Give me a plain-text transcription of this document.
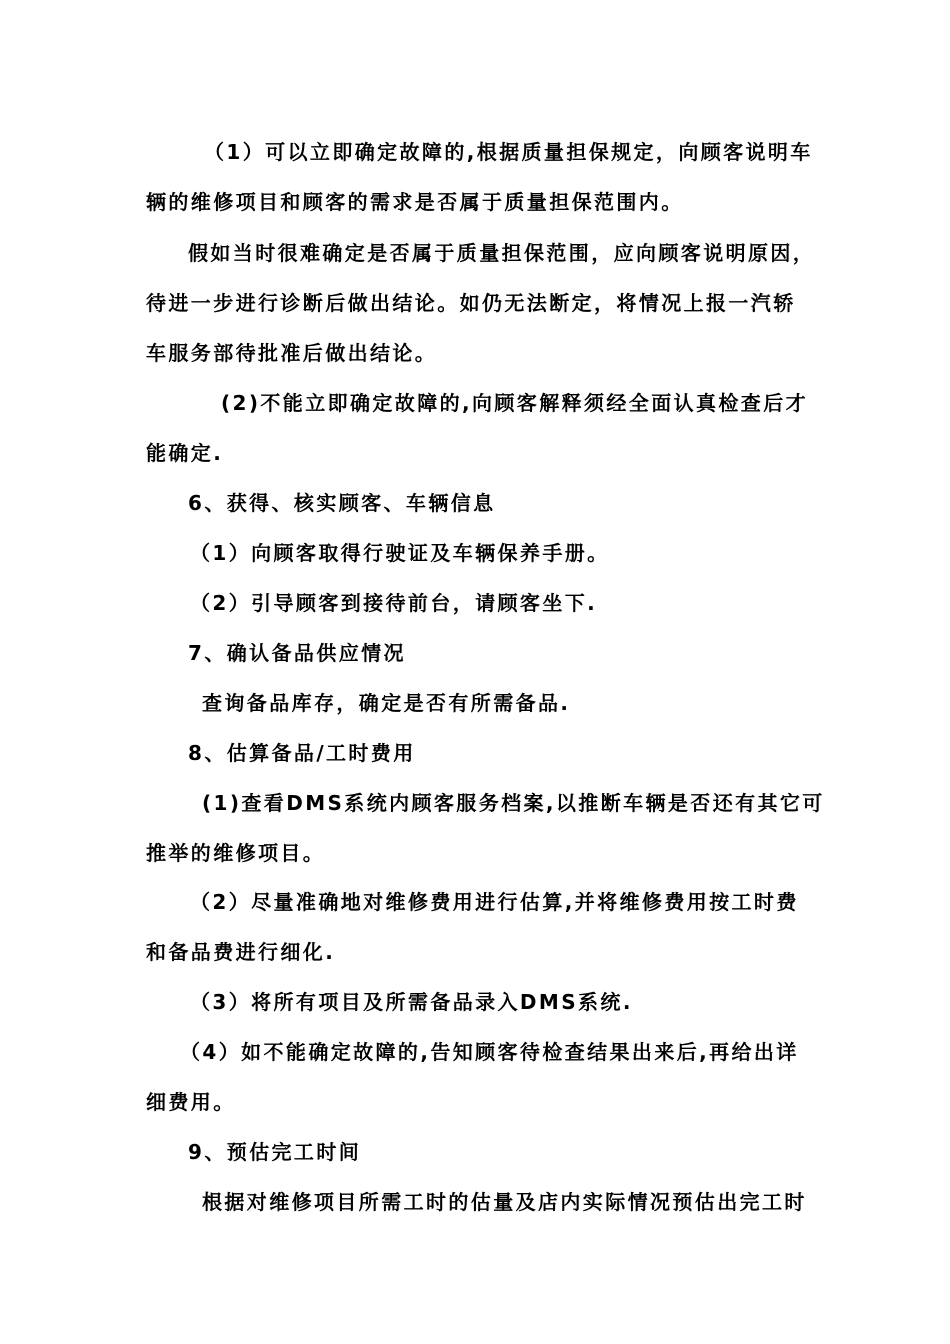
（1）可以立即确定故障的,根据质量担保规定，向顾客说明车
辆的维修项目和顾客的需求是否属于质量担保范围内。
假如当时很难确定是否属于质量担保范围，应向顾客说明原因，
待进一步进行诊断后做出结论。如仍无法断定，将情况上报一汽轿
车服务部待批准后做出结论。
(2)不能立即确定故障的,向顾客解释须经全面认真检查后才
能确定.
6、获得、核实顾客、车辆信息
（1）向顾客取得行驶证及车辆保养手册。
（2）引导顾客到接待前台，请顾客坐下.
7、确认备品供应情况
查询备品库存，确定是否有所需备品.
8、估算备品/工时费用
(1)查看DMS系统内顾客服务档案,以推断车辆是否还有其它可
推举的维修项目。
（2）尽量准确地对维修费用进行估算,并将维修费用按工时费
和备品费进行细化.
（3）将所有项目及所需备品录入DMS系统.
（4）如不能确定故障的,告知顾客待检查结果出来后,再给出详
细费用。
9、预估完工时间
根据对维修项目所需工时的估量及店内实际情况预估出完工时
